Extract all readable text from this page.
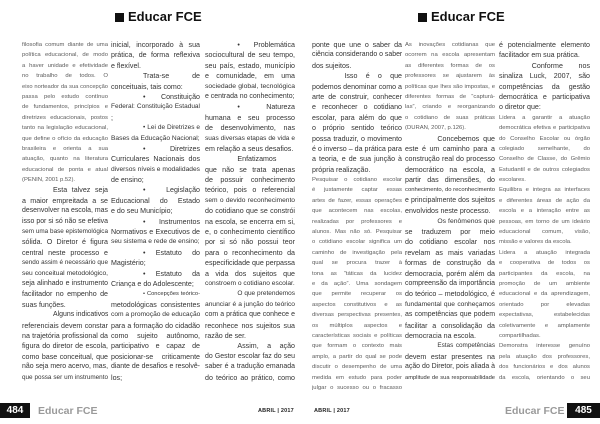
Educar FCE
filosofia comum diante de uma
política educacional, de modo
a haver unidade e efetividade
no trabalho de todos. O
eixo norteador da sua concepção
passa pelo estudo contínuo
de fundamentos, princípios e
diretrizes educacionais, postos
tanto na legislação educacional,
que define o ofício da educação
brasileira e orienta a sua
atuação, quanto na literatura
educacional de ponta e atual
(PENIN, 2001 p.52).
Esta talvez seja
a maior empreitada a se
desenvolver na escola, mas
isso por si só não se efetiva
sem uma base epistemológica
sólida. O Diretor é figura
central neste processo e
sendo assim é necessário que
seu conceitual metodológico,
seja alinhado e instrumento
facilitador no empenho de
suas funções.
Alguns indicativos
referenciais devem constar
na trajetória profissional da
figura do diretor de escola,
como base conceitual, que
não seja mero acervo, mas,
que possa ser um instrumento
inicial, incorporado à sua
prática, de forma reflexiva
e flexível.
Trata-se de
conceituais, tais como:
• Constituição
Federal: Constituição Estadual
;
• Lei de Diretrizes e
Bases da Educação Nacional;
• Diretrizes
Curriculares Nacionais dos
diversos níveis e modalidades
de ensino;
• Legislação
Educacional do Estado
e do seu Município;
• Instrumentos
Normativos e Executivos de
seu sistema e rede de ensino;
• Estatuto do
Magistério;
• Estatuto da
Criança e do Adolescente;
• Concepções teórico-
metodológicas consistentes
com a promoção de educação
para a formação do cidadão
como sujeito autônomo,
participativo e capaz de
posicionar-se criticamente
diante de desafios e resolvê-
los;
• Problemática
sociocultural de seu tempo,
seu país, estado, município
e comunidade, em uma
sociedade global, tecnológica
e centrada no conhecimento;
• Natureza
humana e seu processo
de desenvolvimento, nas
suas diversas etapas de vida e
em relação a seus desafios.
Enfatizamos
que não se trata apenas
de possuir conhecimento
teórico, pois o referencial
sem o devido reconhecimento
do cotidiano que se constrói
na escola, se encerra em si,
e, o conhecimento científico
por si só não possui teor
para o reconhecimento da
especificidade que perpassa
a vida dos sujeitos que
constroem o cotidiano escolar.
O que pretendemos
anunciar é a junção do teórico
com a prática que conhece e
reconhece nos sujeitos sua
razão de ser.
Assim, a ação
do Gestor escolar faz do seu
saber é a tradução emanada
do teórico ao prático, como
484	Educar FCE	ABRIL | 2017
Educar FCE
ponte que une o saber da
ciência considerando o saber
dos sujeitos.
Isso é o que
podemos denominar como a
arte de construir, conhecer
e reconhecer o cotidiano
escolar, para além do que
o próprio sentido teórico
possa traduzir, o movimento
é o inverso – da prática para
a teoria, e de sua junção à
própria realização.
Pesquisar o cotidiano escolar
é justamente captar essas
artes de fazer, essas operações
que acontecem nas escolas,
realizadas por professores e
alunos. Mas não só. Pesquisar
o cotidiano escolar significa um
caminho de investigação pela
qual se procura trazer à
tona as “táticas da lucidez
e da ação”. Uma sondagem
que permite recuperar os
aspectos constitutivos e as
diversas perspectivas presentes,
os múltiplos aspectos e
características sociais e políticas
que formam o contexto mais
amplo, a partir do qual se pode
discutir o desempenho de uma
medida em estudo para poder
julgar o sucesso ou o fracasso
As inovações cotidianas que
ocorrem na escola apresentam
as diferentes formas de os
professores se ajustarem às
políticas que lhes são impostas, e
diferentes formas de “capturá-
las”, criando e reorganizando
o cotidiano de suas práticas
(DURAN, 2007, p.126).
Concebemos que
este é um caminho para a
construção real do processo
democrático na escola, a
partir das dimensões, do
conhecimento, do reconhecimento
e principalmente dos sujeitos
envolvidos neste processo.
Os fenômenos que
se traduzem por meio
do cotidiano escolar nos
revelam as mais variadas
formas de construção da
democracia, porém além da
compreensão da importância
do teórico – metodológico, é
fundamental que conheçamos
as competências que podem
facilitar a consolidação da
democracia na escola.
Estas competências
devem estar presentes na
ação do Diretor, pois aliada à
amplitude de sua responsabilidade
é potencialmente elemento
facilitador em sua prática.
Conforme nos
sinaliza Luck, 2007, são
competências da gestão
democrática e participativa
o diretor que:
Lidera a garantir a atuação
democrática efetiva e participativa
do Conselho Escolar ou órgão
colegiado semelhante, do
Conselho de Classe, do Grêmio
Estudantil e de outros colegiados
escolares.
Equilibra e integra as interfaces
e diferentes áreas de ação da
escola e a interação entre as
pessoas, em torno de um ideário
educacional comum, visão,
missão e valores da escola.
Lidera a atuação integrada
e cooperativa de todos os
participantes da escola, na
promoção de um ambiente
educacional e da aprendizagem,
orientado por elevadas
expectativas, estabelecidas
coletivamente e amplamente
compartilhadas.
Demonstra interesse genuíno
pela atuação dos professores,
dos funcionários e dos alunos
da escola, orientando o seu
ABRIL | 2017	Educar FCE	485
